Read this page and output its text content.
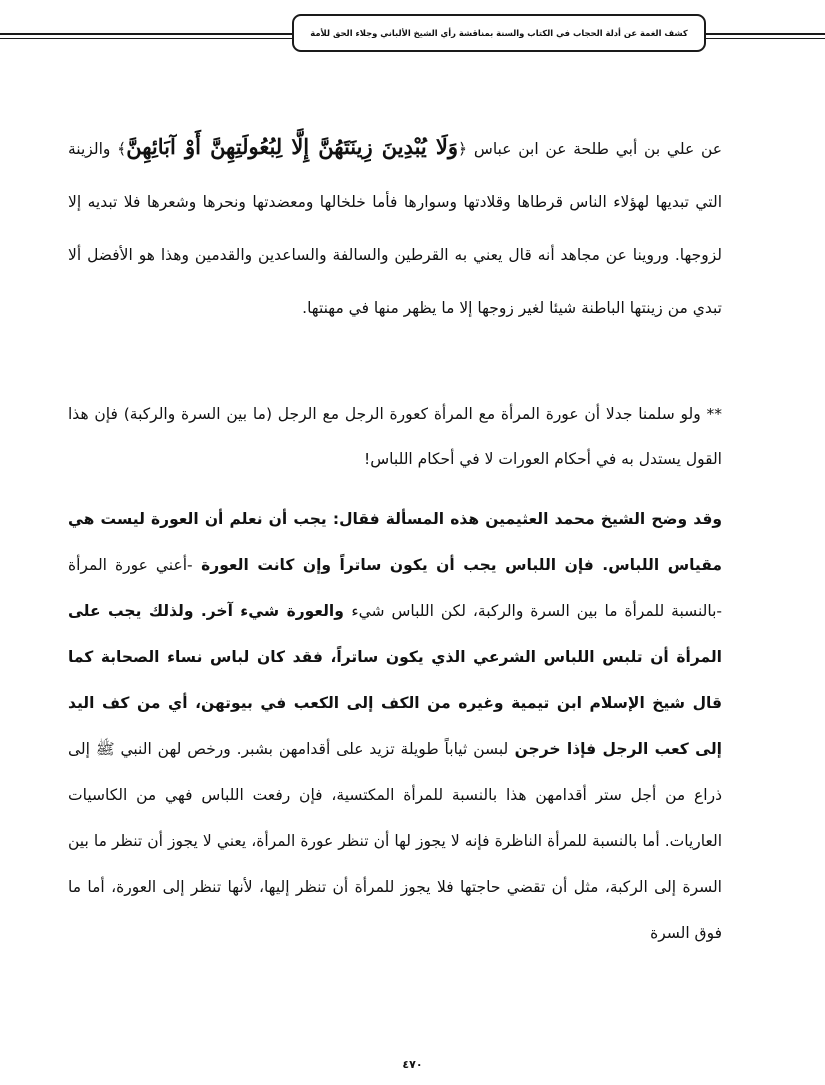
كشف الغمة عن أدلة الحجاب في الكتاب والسنة بمناقشة رأي الشيخ الألباني وجلاء الحق للأمة
عن علي بن أبي طلحة عن ابن عباس ﴿وَلَا يُبْدِينَ زِينَتَهُنَّ إِلَّا لِبُعُولَتِهِنَّ أَوْ آبَائِهِنَّ﴾ والزينة التي تبديها لهؤلاء الناس قرطاها وقلادتها وسوارها فأما خلخالها ومعضدتها ونحرها وشعرها فلا تبديه إلا لزوجها. وروينا عن مجاهد أنه قال يعني به القرطين والسالفة والساعدين والقدمين وهذا هو الأفضل ألا تبدي من زينتها الباطنة شيئا لغير زوجها إلا ما يظهر منها في مهنتها.
** ولو سلمنا جدلا أن عورة المرأة مع المرأة كعورة الرجل مع الرجل (ما بين السرة والركبة) فإن هذا القول يستدل به في أحكام العورات لا في أحكام اللباس!
وقد وضح الشيخ محمد العثيمين هذه المسألة فقال: يجب أن نعلم أن العورة ليست هي مقياس اللباس. فإن اللباس يجب أن يكون ساتراً وإن كانت العورة -أعني عورة المرأة -بالنسبة للمرأة ما بين السرة والركبة، لكن اللباس شيء والعورة شيء آخر. ولذلك يجب على المرأة أن تلبس اللباس الشرعي الذي يكون ساتراً، فقد كان لباس نساء الصحابة كما قال شيخ الإسلام ابن تيمية وغيره من الكف إلى الكعب في بيوتهن، أي من كف اليد إلى كعب الرجل فإذا خرجن لبسن ثياباً طويلة تزيد على أقدامهن بشبر. ورخص لهن النبي ﷺ إلى ذراع من أجل ستر أقدامهن هذا بالنسبة للمرأة المكتسية، فإن رفعت اللباس فهي من الكاسيات العاريات. أما بالنسبة للمرأة الناظرة فإنه لا يجوز لها أن تنظر عورة المرأة، يعني لا يجوز أن تنظر ما بين السرة إلى الركبة، مثل أن تقضي حاجتها فلا يجوز للمرأة أن تنظر إليها، لأنها تنظر إلى العورة، أما ما فوق السرة
٤٧٠
